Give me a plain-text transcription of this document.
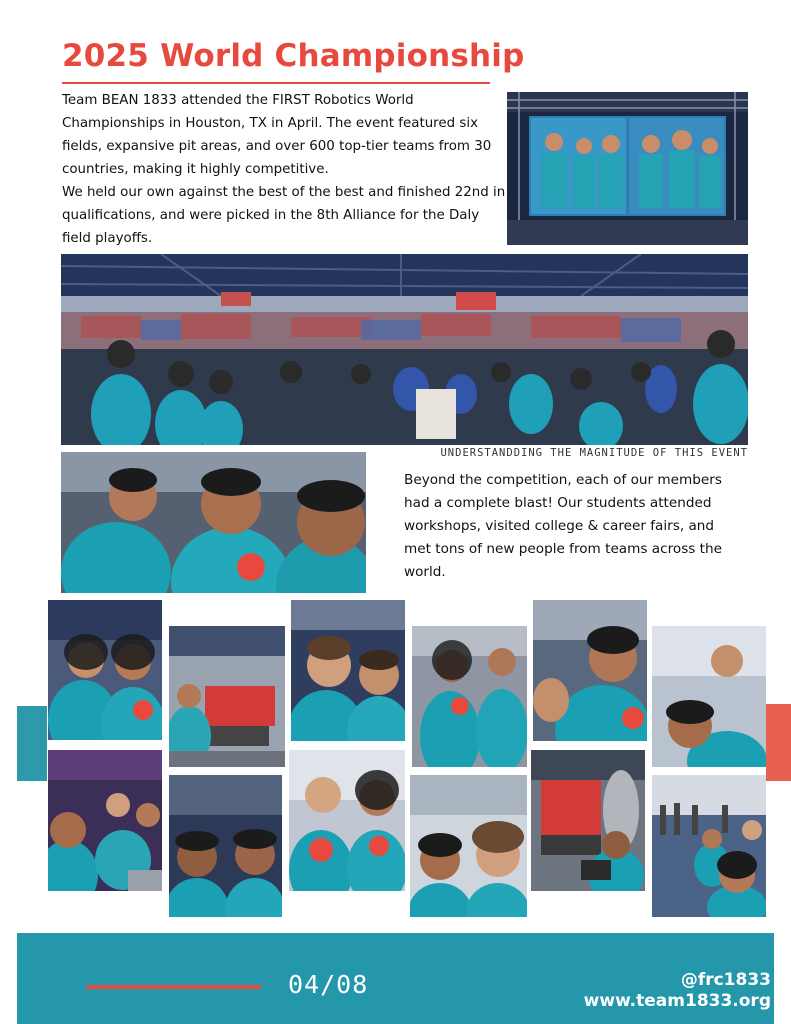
2025 World Championship

Team BEAN 1833 attended the FIRST Robotics World Championships in Houston, TX in April. The event featured six fields, expansive pit areas, and over 600 top-tier teams from 30 countries, making it highly competitive.

We held our own against the best of the best and finished 22nd in qualifications, and were picked in the 8th Alliance for the Daly field playoffs.

UNDERSTANDDING THE MAGNITUDE OF THIS EVENT
Beyond the competition, each of our members had a complete blast! Our students attended workshops, visited college & career fairs, and met tons of new people from teams across the world.
04/08	@frc1833
www.team1833.org
